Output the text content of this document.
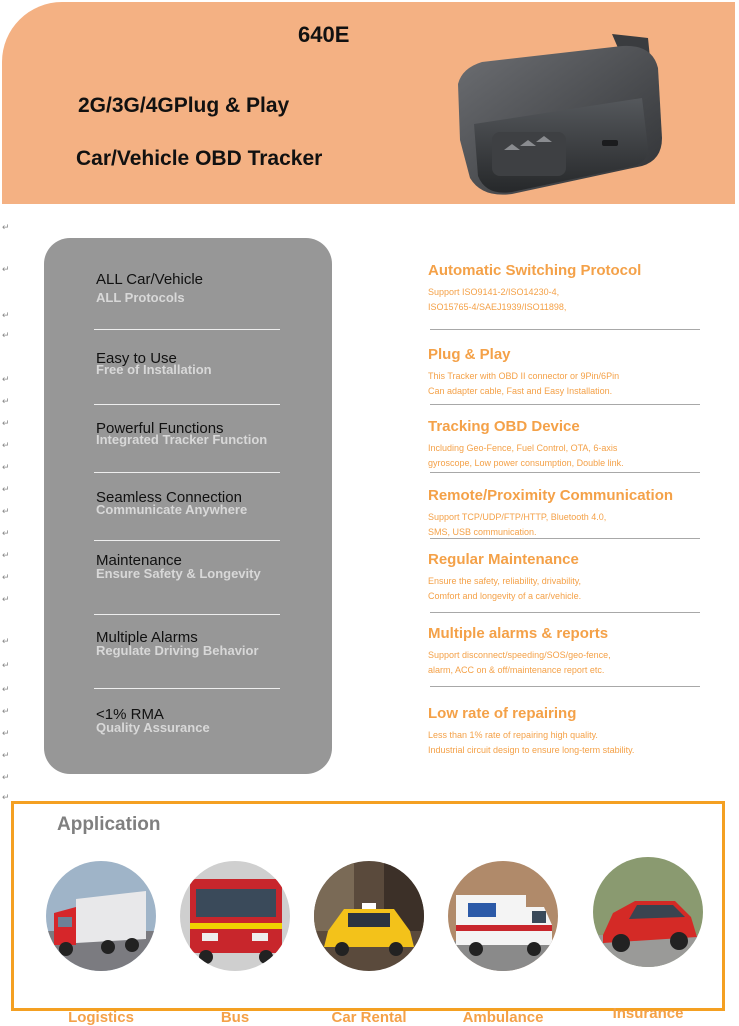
640E
2G/3G/4GPlug & Play
Car/Vehicle OBD Tracker
↵
↵
↵
↵
↵
↵
↵
↵
↵
↵
↵
↵
↵
↵
↵
↵
↵
↵
↵
↵
↵
↵
↵
ALL Car/Vehicle
ALL Protocols
Easy to Use
Free of Installation
Powerful Functions
Integrated Tracker Function
Seamless Connection
Communicate Anywhere
Maintenance
Ensure Safety & Longevity
Multiple Alarms
Regulate Driving Behavior
<1% RMA
Quality Assurance
Automatic Switching Protocol
Support ISO9141-2/ISO14230-4,
ISO15765-4/SAEJ1939/ISO11898,
Plug & Play
This Tracker with OBD II connector or 9Pin/6Pin
Can adapter cable, Fast and Easy Installation.
Tracking OBD Device
Including Geo-Fence, Fuel Control, OTA, 6-axis
gyroscope, Low power consumption, Double link.
Remote/Proximity Communication
Support TCP/UDP/FTP/HTTP, Bluetooth 4.0,
SMS, USB communication.
Regular Maintenance
Ensure the safety, reliability, drivability,
Comfort and longevity of a car/vehicle.
Multiple alarms & reports
Support disconnect/speeding/SOS/geo-fence,
alarm, ACC on & off/maintenance report etc.
Low rate of repairing
Less than 1% rate of repairing high quality.
Industrial circuit design to ensure long-term stability.
Application
Logistics	Bus	Car Rental	Ambulance	Insurance
